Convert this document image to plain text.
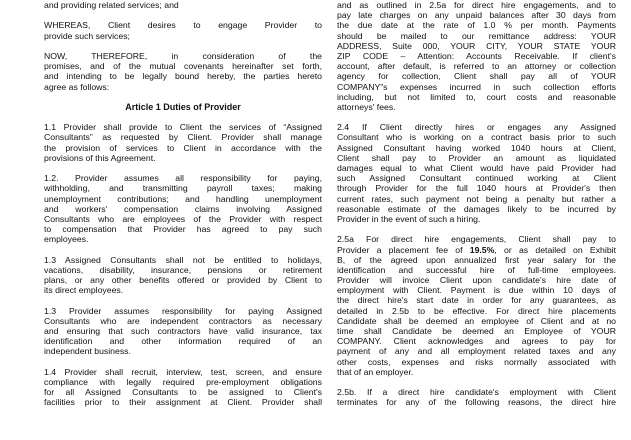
and providing related services; and
WHEREAS, Client desires to engage Provider to
provide such services;
NOW, THEREFORE, in consideration of the
promises, and of the mutual covenants hereinafter set forth,
and intending to be legally bound hereby, the parties hereto
agree as follows:
Article 1 Duties of Provider
1.1 Provider shall provide to Client the services of “Assigned
Consultants” as requested by Client. Provider shall manage
the provision of services to Client in accordance with the
provisions of this Agreement.
1.2. Provider assumes all responsibility for paying,
withholding, and transmitting payroll taxes; making
unemployment contributions; and handling unemployment
and workers' compensation claims involving Assigned
Consultants who are employees of the Provider with respect
to compensation that Provider has agreed to pay such
employees.
1.3 Assigned Consultants shall not be entitled to holidays,
vacations, disability, insurance, pensions or retirement
plans, or any other benefits offered or provided by Client to
its direct employees.
1.3 Provider assumes responsibility for paying Assigned
Consultants who are independent contractors as necessary
and ensuring that such contractors have valid insurance, tax
identification and other information required of an
independent business.
1.4 Provider shall recruit, interview, test, screen, and ensure
compliance with legally required pre-employment obligations
for all Assigned Consultants to be assigned to Client's
facilities prior to their assignment at Client. Provider shall
and as outlined in 2.5a for direct hire engagements, and to
pay late charges on any unpaid balances after 30 days from
the due date at the rate of 1.0 % per month. Payments
should be mailed to our remittance address: YOUR
ADDRESS, Suite 000, YOUR CITY, YOUR STATE YOUR
ZIP CODE – Attention: Accounts Receivable. If client's
account, after default, is referred to an attorney or collection
agency for collection, Client shall pay all of YOUR
COMPANY”s expenses incurred in such collection efforts
including, but not limited to, court costs and reasonable
attorneys' fees.
2.4 If Client directly hires or engages any Assigned
Consultant who is working on a contract basis prior to such
Assigned Consultant having worked 1040 hours at Client,
Client shall pay to Provider an amount as liquidated
damages equal to what Client would have paid Provider had
such Assigned Consultant continued working at Client
through Provider for the full 1040 hours at Provider's then
current rates, such payment not being a penalty but rather a
reasonable estimate of the damages likely to be incurred by
Provider in the event of such a hiring.
2.5a For direct hire engagements, Client shall pay to
Provider a placement fee of 19.5%, or as detailed on Exhibit
B, of the agreed upon annualized first year salary for the
identification and successful hire of full-time employees.
Provider will invoice Client upon candidate's hire date of
employment with Client. Payment is due within 10 days of
the direct hire's start date in order for any guarantees, as
detailed in 2.5b to be effective. For direct hire placements
Candidate shall be deemed an employee of Client and at no
time shall Candidate be deemed an Employee of YOUR
COMPANY. Client acknowledges and agrees to pay for
payment of any and all employment related taxes and any
other costs, expenses and risks normally associated with
that of an employer.
2.5b. If a direct hire candidate's employment with Client
terminates for any of the following reasons, the direct hire
